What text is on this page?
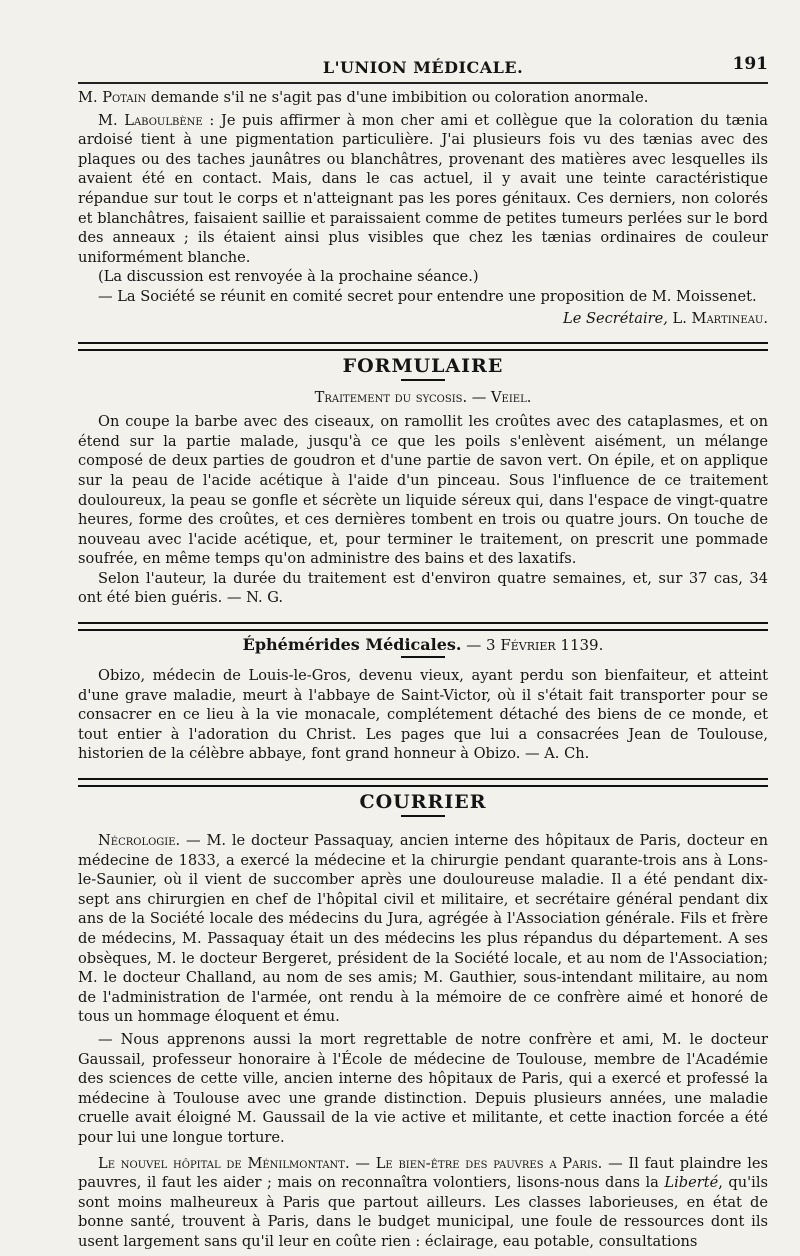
L'UNION MÉDICALE.	191

M. Potain demande s'il ne s'agit pas d'une imbibition ou coloration anormale.

M. Laboulbène : Je puis affirmer à mon cher ami et collègue que la coloration du tænia ardoisé tient à une pigmentation particulière. J'ai plusieurs fois vu des tænias avec des plaques ou des taches jaunâtres ou blanchâtres, provenant des matières avec lesquelles ils avaient été en contact. Mais, dans le cas actuel, il y avait une teinte caractéristique répandue sur tout le corps et n'atteignant pas les pores génitaux. Ces derniers, non colorés et blanchâtres, faisaient saillie et paraissaient comme de petites tumeurs perlées sur le bord des anneaux ; ils étaient ainsi plus visibles que chez les tænias ordinaires de couleur uniformément blanche.

(La discussion est renvoyée à la prochaine séance.)

— La Société se réunit en comité secret pour entendre une proposition de M. Moissenet.

Le Secrétaire, L. Martineau.

FORMULAIRE
Traitement du sycosis. — Veiel.

On coupe la barbe avec des ciseaux, on ramollit les croûtes avec des cataplasmes, et on étend sur la partie malade, jusqu'à ce que les poils s'enlèvent aisément, un mélange composé de deux parties de goudron et d'une partie de savon vert. On épile, et on applique sur la peau de l'acide acétique à l'aide d'un pinceau. Sous l'influence de ce traitement douloureux, la peau se gonfle et sécrète un liquide séreux qui, dans l'espace de vingt-quatre heures, forme des croûtes, et ces dernières tombent en trois ou quatre jours. On touche de nouveau avec l'acide acétique, et, pour terminer le traitement, on prescrit une pommade soufrée, en même temps qu'on administre des bains et des laxatifs.

Selon l'auteur, la durée du traitement est d'environ quatre semaines, et, sur 37 cas, 34 ont été bien guéris. — N. G.

Éphémérides Médicales. — 3 Février 1139.

Obizo, médecin de Louis-le-Gros, devenu vieux, ayant perdu son bienfaiteur, et atteint d'une grave maladie, meurt à l'abbaye de Saint-Victor, où il s'était fait transporter pour se consacrer en ce lieu à la vie monacale, complétement détaché des biens de ce monde, et tout entier à l'adoration du Christ. Les pages que lui a consacrées Jean de Toulouse, historien de la célèbre abbaye, font grand honneur à Obizo. — A. Ch.

COURRIER

Nécrologie. — M. le docteur Passaquay, ancien interne des hôpitaux de Paris, docteur en médecine de 1833, a exercé la médecine et la chirurgie pendant quarante-trois ans à Lons-le-Saunier, où il vient de succomber après une douloureuse maladie. Il a été pendant dix-sept ans chirurgien en chef de l'hôpital civil et militaire, et secrétaire général pendant dix ans de la Société locale des médecins du Jura, agrégée à l'Association générale. Fils et frère de médecins, M. Passaquay était un des médecins les plus répandus du département. A ses obsèques, M. le docteur Bergeret, président de la Société locale, et au nom de l'Association; M. le docteur Challand, au nom de ses amis; M. Gauthier, sous-intendant militaire, au nom de l'administration de l'armée, ont rendu à la mémoire de ce confrère aimé et honoré de tous un hommage éloquent et ému.

— Nous apprenons aussi la mort regrettable de notre confrère et ami, M. le docteur Gaussail, professeur honoraire à l'École de médecine de Toulouse, membre de l'Académie des sciences de cette ville, ancien interne des hôpitaux de Paris, qui a exercé et professé la médecine à Toulouse avec une grande distinction. Depuis plusieurs années, une maladie cruelle avait éloigné M. Gaussail de la vie active et militante, et cette inaction forcée a été pour lui une longue torture.

Le nouvel hôpital de Ménilmontant. — Le bien-être des pauvres a Paris. — Il faut plaindre les pauvres, il faut les aider ; mais on reconnaîtra volontiers, lisons-nous dans la Liberté, qu'ils sont moins malheureux à Paris que partout ailleurs. Les classes laborieuses, en état de bonne santé, trouvent à Paris, dans le budget municipal, une foule de ressources dont ils usent largement sans qu'il leur en coûte rien : éclairage, eau potable, consultations
